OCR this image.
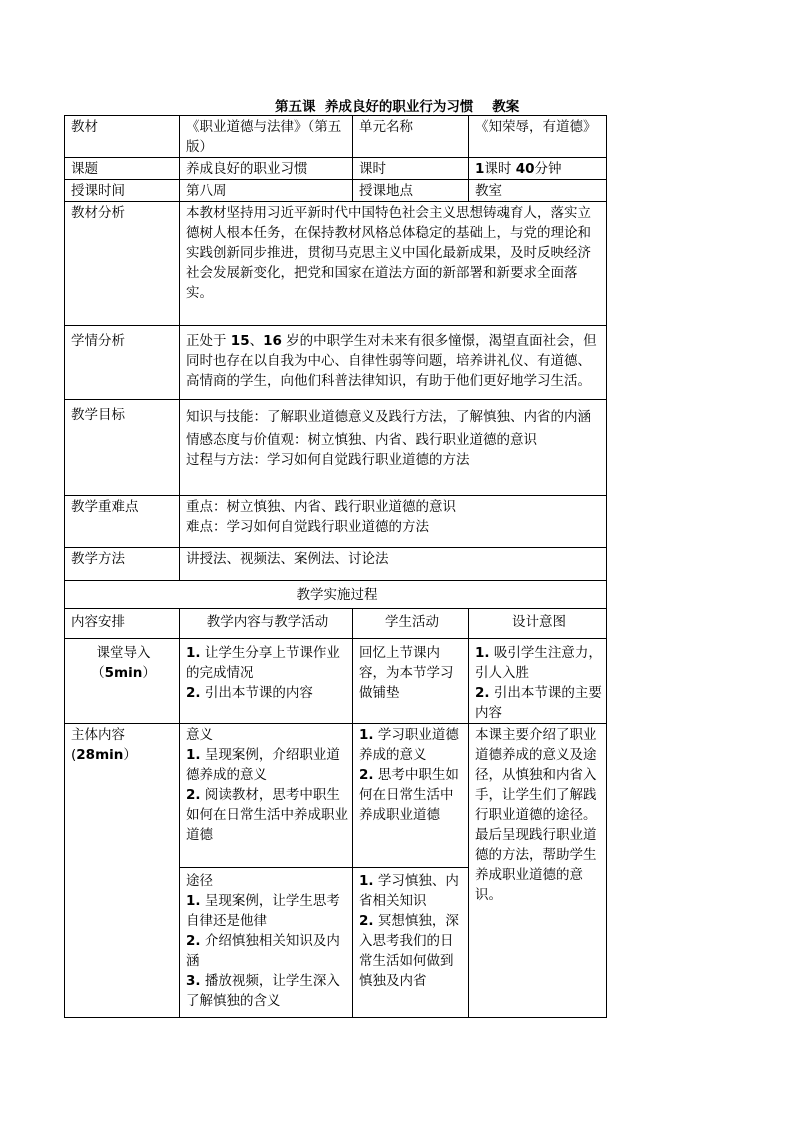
第五课  养成良好的职业行为习惯    教案
教材	《职业道德与法律》（第五版）	单元名称	《知荣辱，有道德》
课题	养成良好的职业习惯	课时	1课时 40分钟
授课时间	第八周	授课地点	教室
教材分析	本教材坚持用习近平新时代中国特色社会主义思想铸魂育人，落实立德树人根本任务，在保持教材风格总体稳定的基础上，与党的理论和实践创新同步推进，贯彻马克思主义中国化最新成果，及时反映经济社会发展新变化，把党和国家在道法方面的新部署和新要求全面落实。		
学情分析	正处于 15、16 岁的中职学生对未来有很多憧憬，渴望直面社会，但同时也存在以自我为中心、自律性弱等问题，培养讲礼仪、有道德、高情商的学生，向他们科普法律知识，有助于他们更好地学习生活。		
教学目标	知识与技能：了解职业道德意义及践行方法，了解慎独、内省的内涵
情感态度与价值观：树立慎独、内省、践行职业道德的意识
过程与方法：学习如何自觉践行职业道德的方法		

教学重难点	重点：树立慎独、内省、践行职业道德的意识
难点：学习如何自觉践行职业道德的方法		

教学方法	讲授法、视频法、案例法、讨论法		
教学实施过程			
内容安排	教学内容与教学活动	学生活动	设计意图

课堂导入
（5min）	1. 让学生分享上节课作业的完成情况
2. 引出本节课的内容	回忆上节课内容，为本节学习做铺垫	1. 吸引学生注意力，引人入胜
2. 引出本节课的主要内容

主体内容(28min）	意义
1. 呈现案例，介绍职业道德养成的意义
2. 阅读教材，思考中职生如何在日常生活中养成职业道德	1. 学习职业道德养成的意义
2. 思考中职生如何在日常生活中养成职业道德	本课主要介绍了职业道德养成的意义及途径，从慎独和内省入手，让学生们了解践行职业道德的途径。最后呈现践行职业道德的方法，帮助学生养成职业道德的意识。

	途径
1. 呈现案例，让学生思考自律还是他律
2. 介绍慎独相关知识及内涵
3. 播放视频，让学生深入了解慎独的含义	1. 学习慎独、内省相关知识
2. 冥想慎独，深入思考我们的日常生活如何做到慎独及内省	
